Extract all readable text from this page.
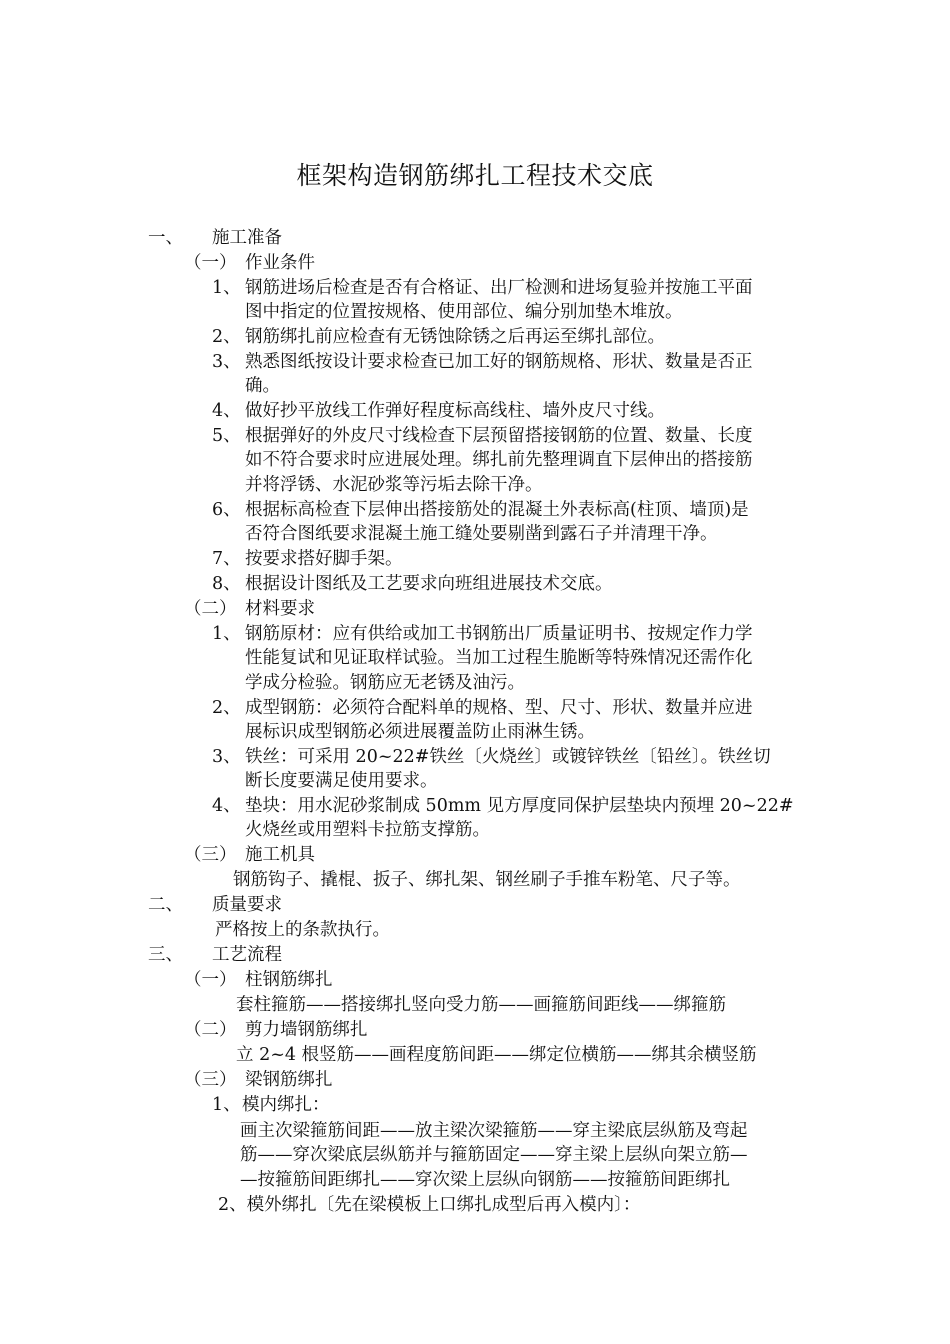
框架构造钢筋绑扎工程技术交底
一、 施工准备
（一） 作业条件
1、 钢筋进场后检查是否有合格证、出厂检测和进场复验并按施工平面
图中指定的位置按规格、使用部位、编分别加垫木堆放。
2、 钢筋绑扎前应检查有无锈蚀除锈之后再运至绑扎部位。
3、 熟悉图纸按设计要求检查已加工好的钢筋规格、形状、数量是否正
确。
4、 做好抄平放线工作弹好程度标高线柱、墙外皮尺寸线。
5、 根据弹好的外皮尺寸线检查下层预留搭接钢筋的位置、数量、长度
如不符合要求时应进展处理。绑扎前先整理调直下层伸出的搭接筋
并将浮锈、水泥砂浆等污垢去除干净。
6、 根据标高检查下层伸出搭接筋处的混凝土外表标高(柱顶、墙顶)是
否符合图纸要求混凝土施工缝处要剔凿到露石子并清理干净。
7、 按要求搭好脚手架。
8、 根据设计图纸及工艺要求向班组进展技术交底。
（二） 材料要求
1、 钢筋原材：应有供给或加工书钢筋出厂质量证明书、按规定作力学
性能复试和见证取样试验。当加工过程生脆断等特殊情况还需作化
学成分检验。钢筋应无老锈及油污。
2、 成型钢筋：必须符合配料单的规格、型、尺寸、形状、数量并应进
展标识成型钢筋必须进展覆盖防止雨淋生锈。
3、 铁丝：可采用 20~22#铁丝〔火烧丝〕或镀锌铁丝〔铅丝〕。铁丝切
断长度要满足使用要求。
4、 垫块：用水泥砂浆制成 50mm 见方厚度同保护层垫块内预埋 20~22#
火烧丝或用塑料卡拉筋支撑筋。
（三） 施工机具
钢筋钩子、撬棍、扳子、绑扎架、钢丝刷子手推车粉笔、尺子等。
二、 质量要求
严格按上的条款执行。
三、 工艺流程
（一） 柱钢筋绑扎
套柱箍筋——搭接绑扎竖向受力筋——画箍筋间距线——绑箍筋
（二） 剪力墙钢筋绑扎
立 2~4 根竖筋——画程度筋间距——绑定位横筋——绑其余横竖筋
（三） 梁钢筋绑扎
1、 模内绑扎：
画主次梁箍筋间距——放主梁次梁箍筋——穿主梁底层纵筋及弯起
筋——穿次梁底层纵筋并与箍筋固定——穿主梁上层纵向架立筋—
—按箍筋间距绑扎——穿次梁上层纵向钢筋——按箍筋间距绑扎
2、模外绑扎〔先在梁模板上口绑扎成型后再入模内〕：
